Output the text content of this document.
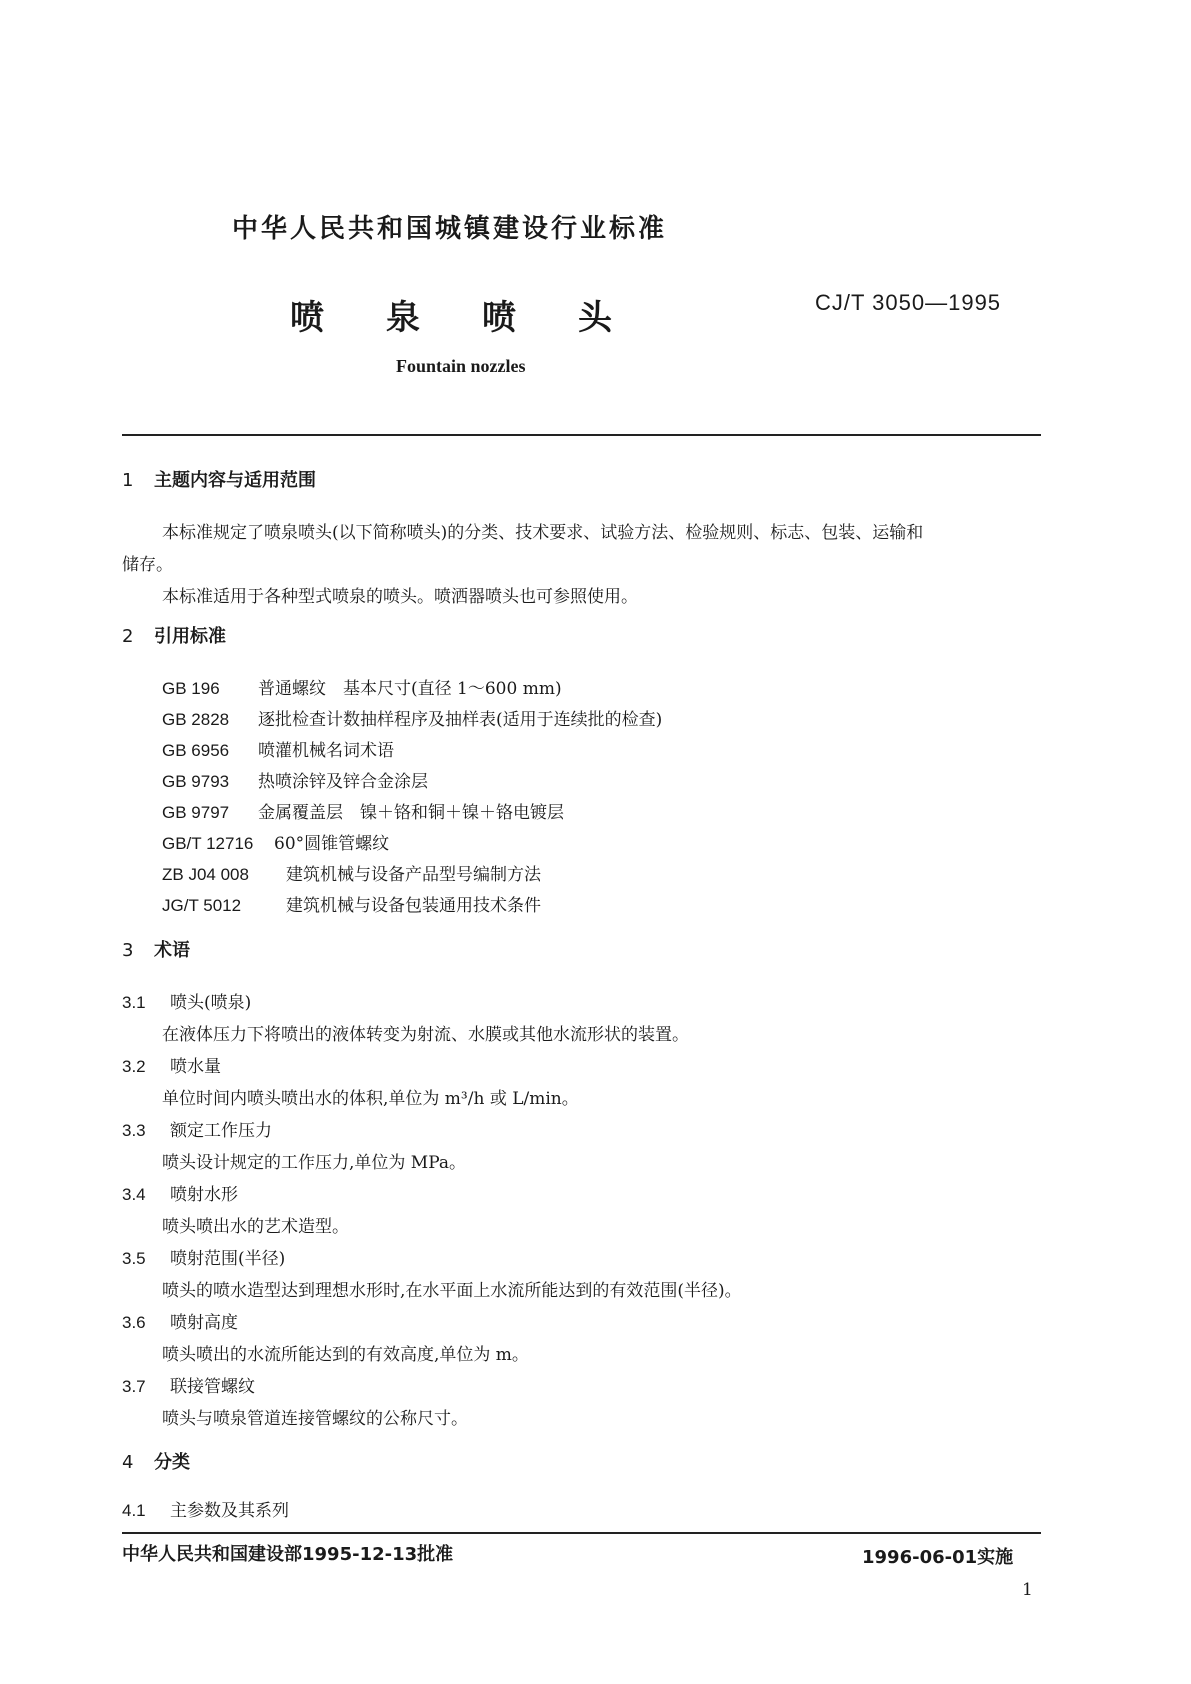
中华人民共和国城镇建设行业标准
喷泉喷头	CJ/T 3050—1995
Fountain nozzles
1 主题内容与适用范围
本标准规定了喷泉喷头(以下简称喷头)的分类、技术要求、试验方法、检验规则、标志、包装、运输和
储存。
本标准适用于各种型式喷泉的喷头。喷洒器喷头也可参照使用。
2 引用标准
GB 196 普通螺纹　基本尺寸(直径 1～600 mm)
GB 2828 逐批检查计数抽样程序及抽样表(适用于连续批的检查)
GB 6956 喷灌机械名词术语
GB 9793 热喷涂锌及锌合金涂层
GB 9797 金属覆盖层　镍＋铬和铜＋镍＋铬电镀层
GB/T 12716 60°圆锥管螺纹
ZB J04 008 建筑机械与设备产品型号编制方法
JG/T 5012	建筑机械与设备包装通用技术条件
3 术语
3.1 喷头(喷泉)
在液体压力下将喷出的液体转变为射流、水膜或其他水流形状的装置。
3.2 喷水量
单位时间内喷头喷出水的体积,单位为 m³/h 或 L/min。
3.3 额定工作压力
喷头设计规定的工作压力,单位为 MPa。
3.4 喷射水形
喷头喷出水的艺术造型。
3.5 喷射范围(半径)
喷头的喷水造型达到理想水形时,在水平面上水流所能达到的有效范围(半径)。
3.6 喷射高度
喷头喷出的水流所能达到的有效高度,单位为 m。
3.7 联接管螺纹
喷头与喷泉管道连接管螺纹的公称尺寸。
4 分类
4.1 主参数及其系列
中华人民共和国建设部1995-12-13批准	1996-06-01实施
1
